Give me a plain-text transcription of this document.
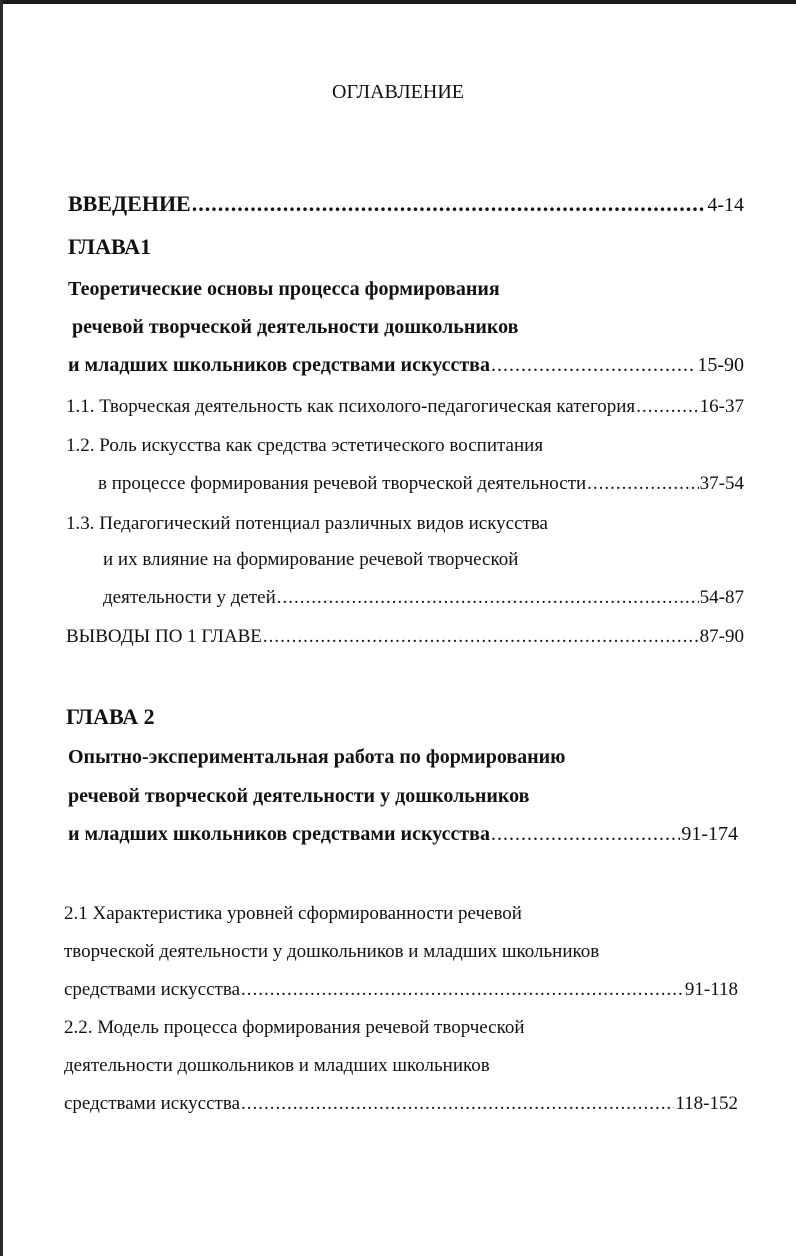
ОГЛАВЛЕНИЕ
ВВЕДЕНИЕ .....	4-14
ГЛАВА1
Теоретические основы процесса формирования
речевой творческой деятельности дошкольников
и младших школьников средствами искусства .....	15-90
1.1. Творческая деятельность как психолого-педагогическая категория .....	16-37
1.2. Роль искусства как средства эстетического воспитания
в процессе формирования речевой творческой деятельности .....	37-54
1.3. Педагогический потенциал различных видов искусства
и их влияние на формирование речевой творческой
деятельности у детей .....	54-87
ВЫВОДЫ ПО 1 ГЛАВЕ .....	87-90
ГЛАВА 2
Опытно-экспериментальная работа по формированию
речевой творческой деятельности у дошкольников
и младших школьников средствами искусства .....	91-174
2.1 Характеристика уровней сформированности речевой
творческой деятельности у дошкольников и младших школьников
средствами искусства .....	91-118
2.2. Модель процесса формирования речевой творческой
деятельности дошкольников и младших школьников
средствами искусства .....	118-152
